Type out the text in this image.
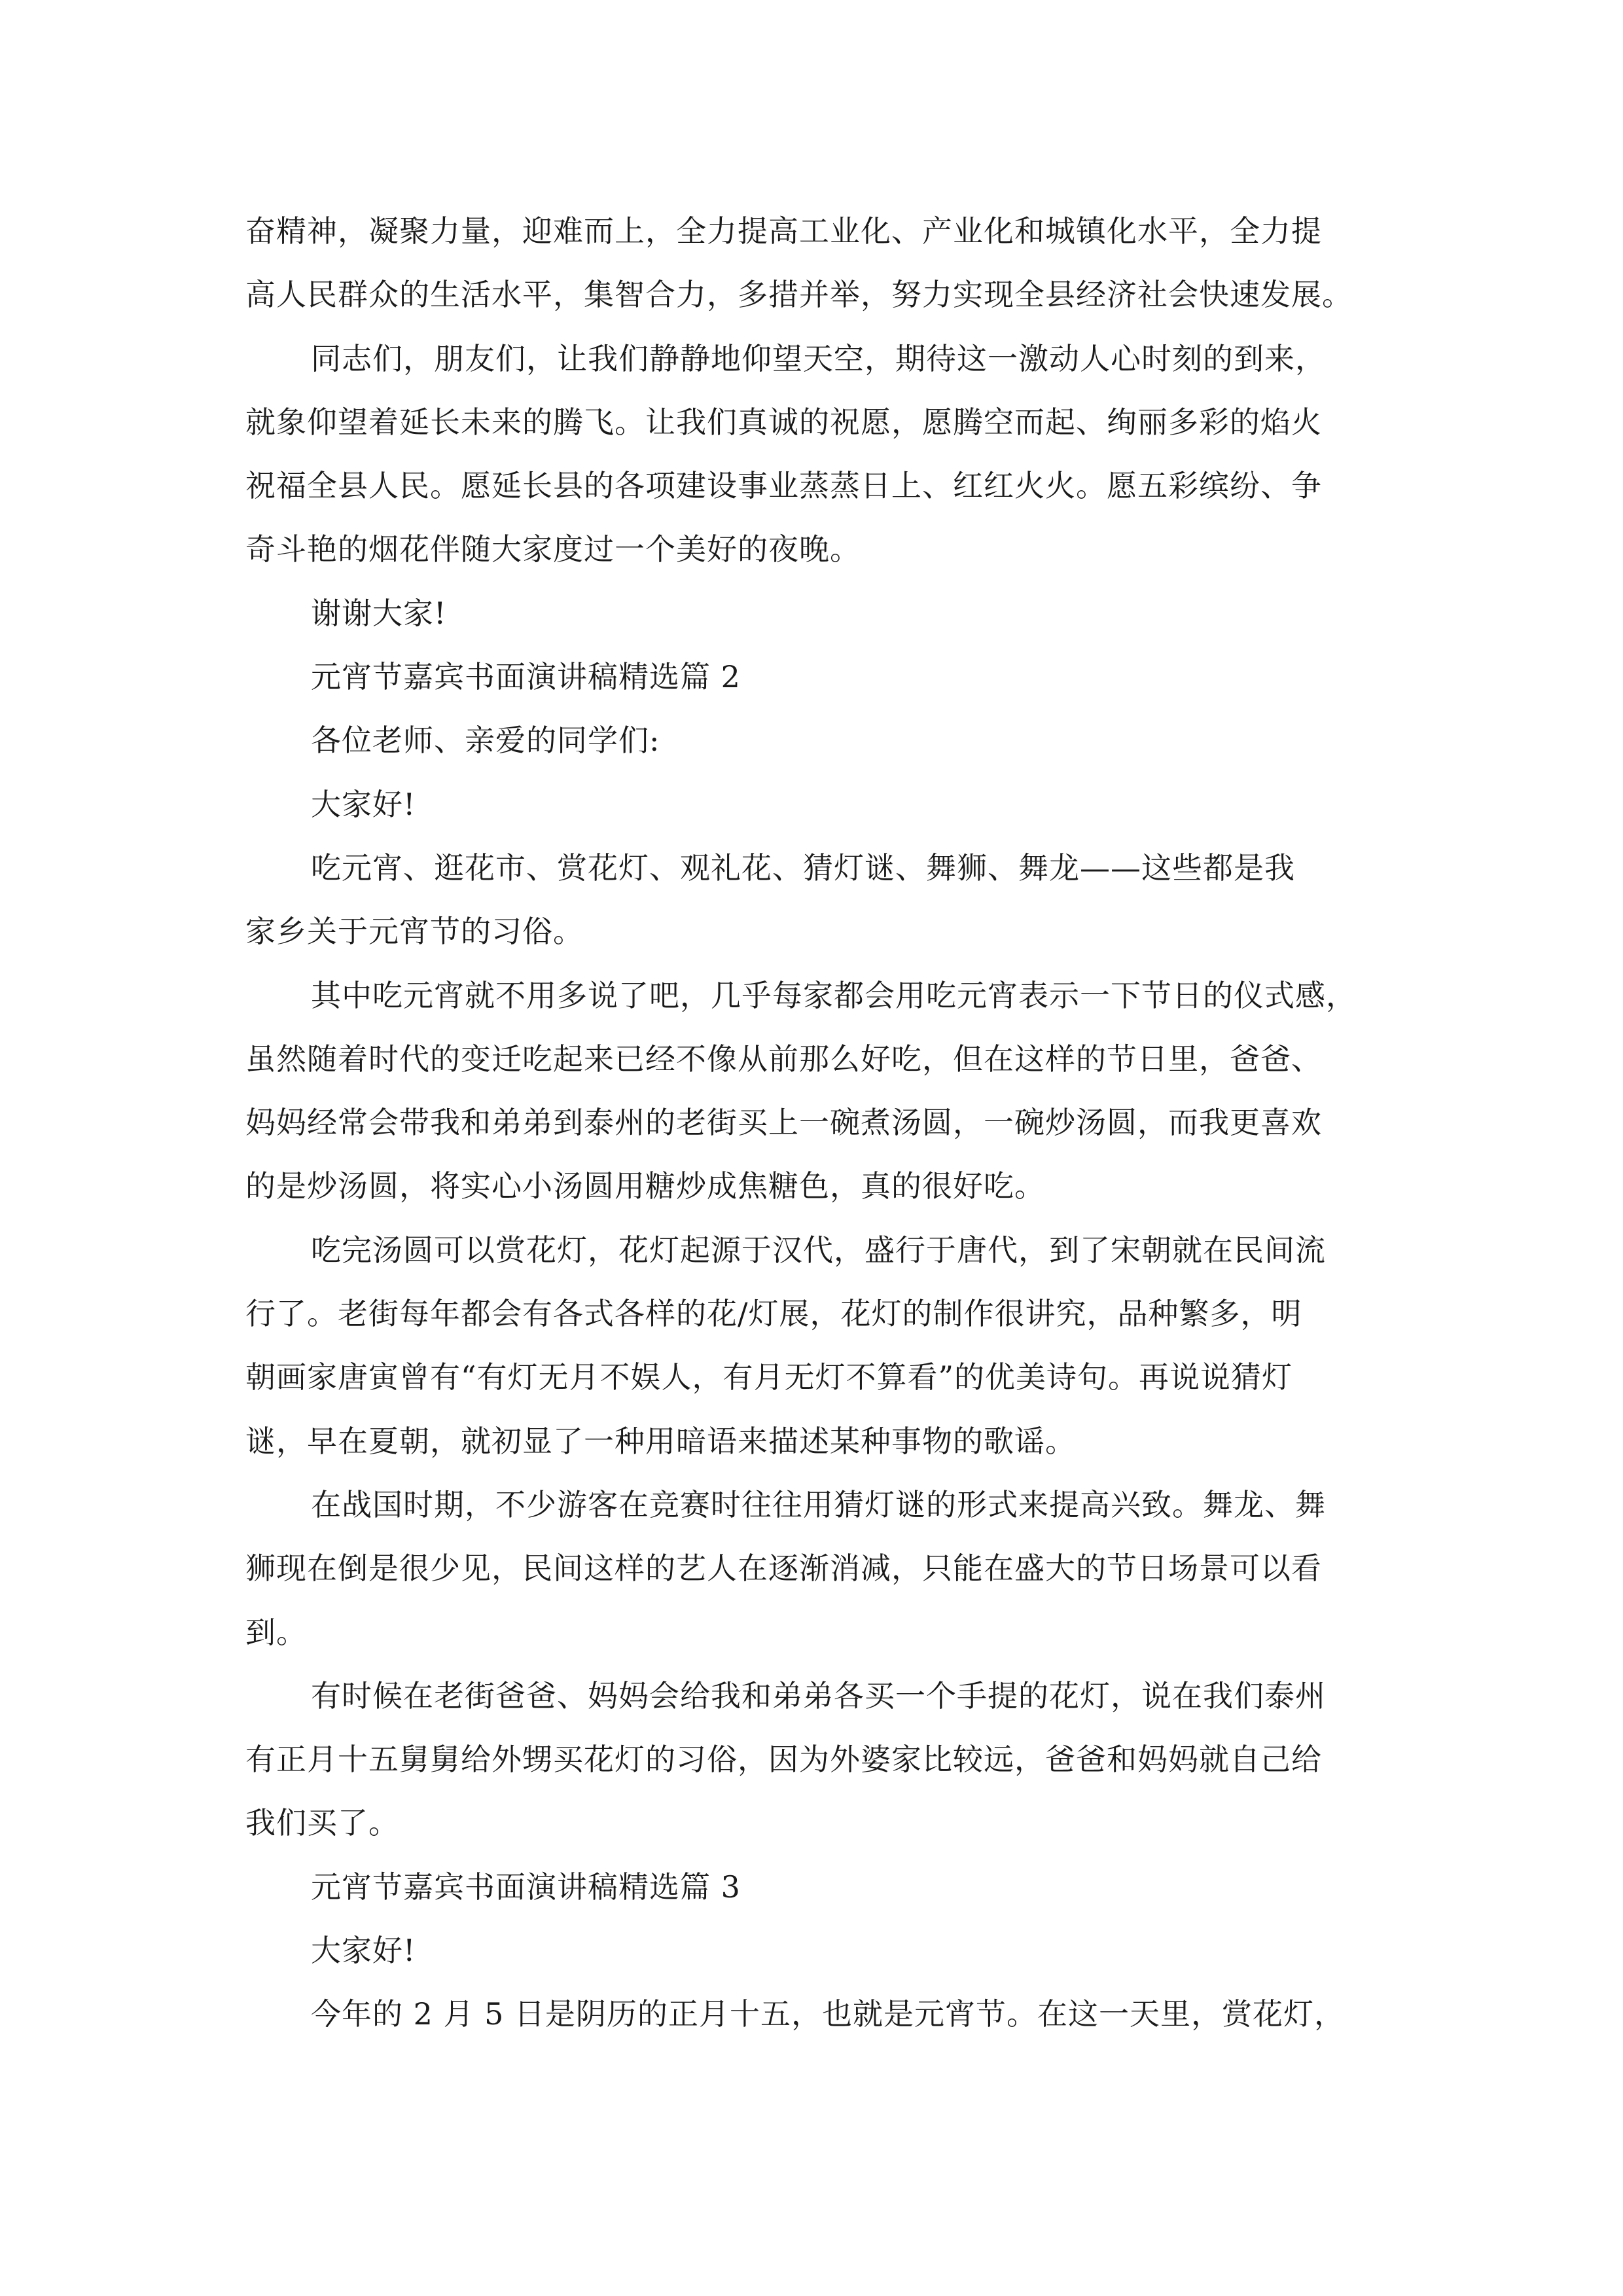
奋精神，凝聚力量，迎难而上，全力提高工业化、产业化和城镇化水平，全力提
高人民群众的生活水平，集智合力，多措并举，努力实现全县经济社会快速发展。
同志们，朋友们，让我们静静地仰望天空，期待这一激动人心时刻的到来，
就象仰望着延长未来的腾飞。让我们真诚的祝愿，愿腾空而起、绚丽多彩的焰火
祝福全县人民。愿延长县的各项建设事业蒸蒸日上、红红火火。愿五彩缤纷、争
奇斗艳的烟花伴随大家度过一个美好的夜晚。
谢谢大家!
元宵节嘉宾书面演讲稿精选篇 2
各位老师、亲爱的同学们:
大家好!
吃元宵、逛花市、赏花灯、观礼花、猜灯谜、舞狮、舞龙——这些都是我
家乡关于元宵节的习俗。
其中吃元宵就不用多说了吧，几乎每家都会用吃元宵表示一下节日的仪式感，
虽然随着时代的变迁吃起来已经不像从前那么好吃，但在这样的节日里，爸爸、
妈妈经常会带我和弟弟到泰州的老街买上一碗煮汤圆，一碗炒汤圆，而我更喜欢
的是炒汤圆，将实心小汤圆用糖炒成焦糖色，真的很好吃。
吃完汤圆可以赏花灯，花灯起源于汉代，盛行于唐代，到了宋朝就在民间流
行了。老街每年都会有各式各样的花/灯展，花灯的制作很讲究，品种繁多，明
朝画家唐寅曾有“有灯无月不娱人，有月无灯不算看”的优美诗句。再说说猜灯
谜，早在夏朝，就初显了一种用暗语来描述某种事物的歌谣。
在战国时期，不少游客在竞赛时往往用猜灯谜的形式来提高兴致。舞龙、舞
狮现在倒是很少见，民间这样的艺人在逐渐消减，只能在盛大的节日场景可以看
到。
有时候在老街爸爸、妈妈会给我和弟弟各买一个手提的花灯，说在我们泰州
有正月十五舅舅给外甥买花灯的习俗，因为外婆家比较远，爸爸和妈妈就自己给
我们买了。
元宵节嘉宾书面演讲稿精选篇 3
大家好!
今年的 2 月 5 日是阴历的正月十五，也就是元宵节。在这一天里，赏花灯，
